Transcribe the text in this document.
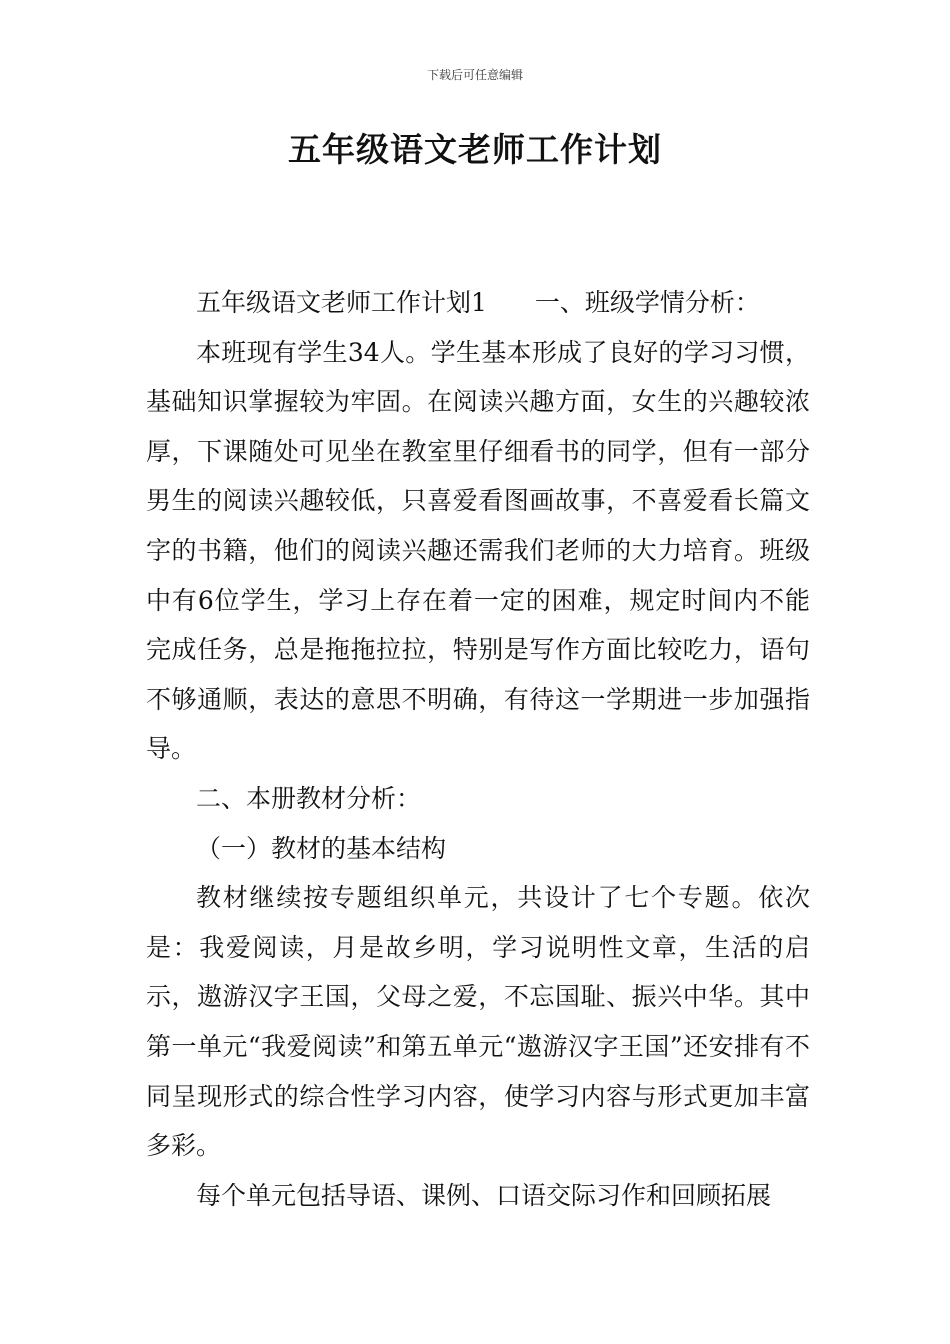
下载后可任意编辑
五年级语文老师工作计划

五年级语文老师工作计划1 一、班级学情分析：

本班现有学生34人。学生基本形成了良好的学习习惯，基础知识掌握较为牢固。在阅读兴趣方面，女生的兴趣较浓厚，下课随处可见坐在教室里仔细看书的同学，但有一部分男生的阅读兴趣较低，只喜爱看图画故事，不喜爱看长篇文字的书籍，他们的阅读兴趣还需我们老师的大力培育。班级中有6位学生，学习上存在着一定的困难，规定时间内不能完成任务，总是拖拖拉拉，特别是写作方面比较吃力，语句不够通顺，表达的意思不明确，有待这一学期进一步加强指导。

二、本册教材分析：

（一）教材的基本结构

教材继续按专题组织单元，共设计了七个专题。依次是：我爱阅读，月是故乡明，学习说明性文章，生活的启示，遨游汉字王国，父母之爱，不忘国耻、振兴中华。其中第一单元“我爱阅读”和第五单元“遨游汉字王国”还安排有不同呈现形式的综合性学习内容，使学习内容与形式更加丰富多彩。

每个单元包括导语、课例、口语交际习作和回顾拓展
